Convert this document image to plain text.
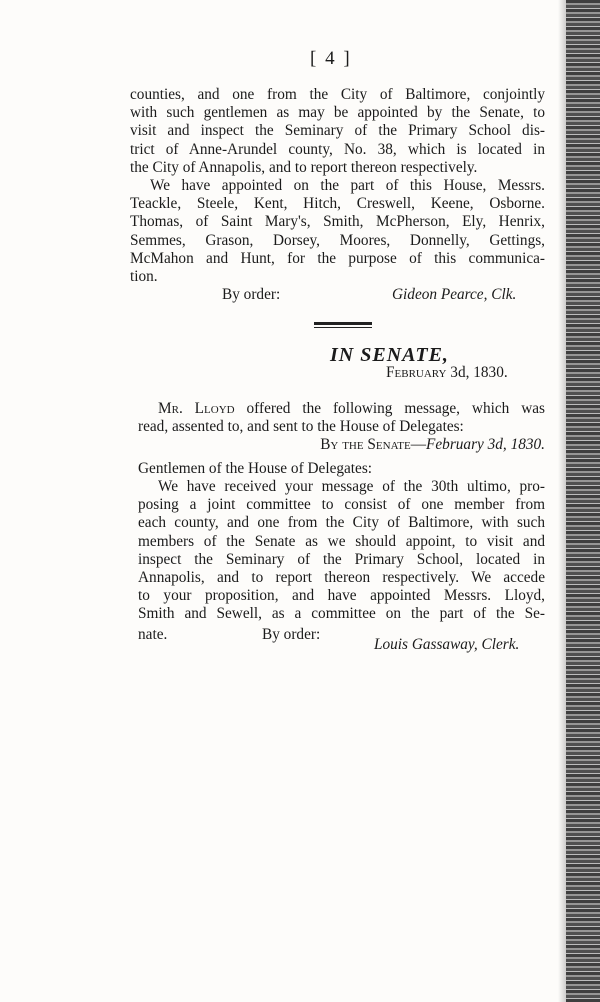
[ 4 ]
counties, and one from the City of Baltimore, conjointly
with such gentlemen as may be appointed by the Senate, to
visit and inspect the Seminary of the Primary School dis-
trict of Anne-Arundel county, No. 38, which is located in
the City of Annapolis, and to report thereon respectively.
We have appointed on the part of this House, Messrs.
Teackle, Steele, Kent, Hitch, Creswell, Keene, Osborne.
Thomas, of Saint Mary's, Smith, McPherson, Ely, Henrix,
Semmes, Grason, Dorsey, Moores, Donnelly, Gettings,
McMahon and Hunt, for the purpose of this communica-
tion.
By order:	Gideon Pearce, Clk.
IN SENATE,
February 3d, 1830.
Mr. Lloyd offered the following message, which was
read, assented to, and sent to the House of Delegates:
By the Senate—February 3d, 1830.
Gentlemen of the House of Delegates:
We have received your message of the 30th ultimo, pro-
posing a joint committee to consist of one member from
each county, and one from the City of Baltimore, with such
members of the Senate as we should appoint, to visit and
inspect the Seminary of the Primary School, located in
Annapolis, and to report thereon respectively. We accede
to your proposition, and have appointed Messrs. Lloyd,
Smith and Sewell, as a committee on the part of the Se-
nate.	By order:
Louis Gassaway, Clerk.
